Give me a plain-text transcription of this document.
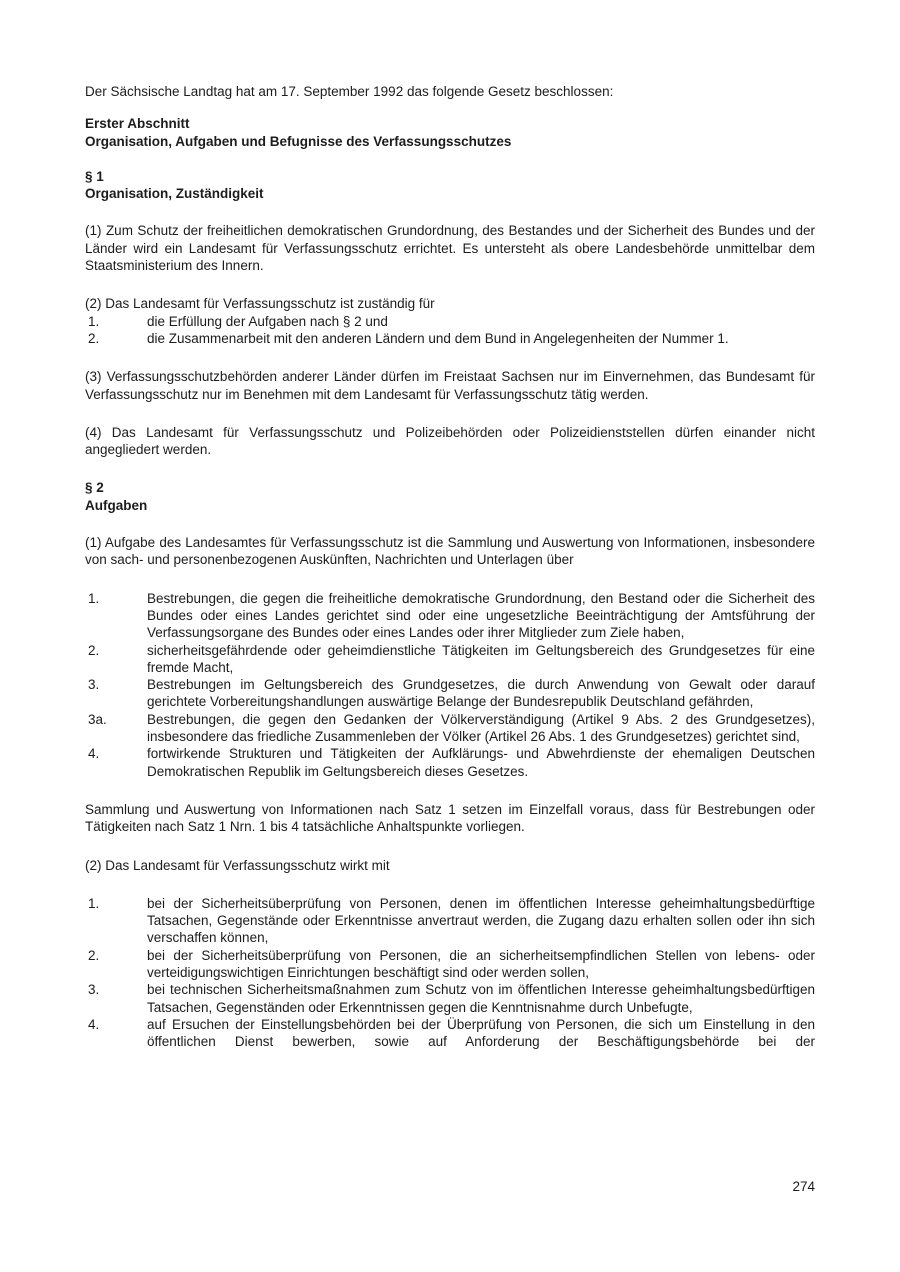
Der Sächsische Landtag hat am 17. September 1992 das folgende Gesetz beschlossen:

Erster Abschnitt
Organisation, Aufgaben und Befugnisse des Verfassungsschutzes
§ 1
Organisation, Zuständigkeit

(1) Zum Schutz der freiheitlichen demokratischen Grundordnung, des Bestandes und der Sicherheit des Bundes und der Länder wird ein Landesamt für Verfassungsschutz errichtet. Es untersteht als obere Landesbehörde unmittelbar dem Staatsministerium des Innern.

(2) Das Landesamt für Verfassungsschutz ist zuständig für

1.	die Erfüllung der Aufgaben nach § 2 und
2.	die Zusammenarbeit mit den anderen Ländern und dem Bund in Angelegenheiten der Nummer 1.

(3) Verfassungsschutzbehörden anderer Länder dürfen im Freistaat Sachsen nur im Einvernehmen, das Bundesamt für Verfassungsschutz nur im Benehmen mit dem Landesamt für Verfassungsschutz tätig werden.

(4) Das Landesamt für Verfassungsschutz und Polizeibehörden oder Polizeidienststellen dürfen einander nicht angegliedert werden.

§ 2
Aufgaben

(1) Aufgabe des Landesamtes für Verfassungsschutz ist die Sammlung und Auswertung von Informationen, insbesondere von sach- und personenbezogenen Auskünften, Nachrichten und Unterlagen über

1.	Bestrebungen, die gegen die freiheitliche demokratische Grundordnung, den Bestand oder die Sicherheit des Bundes oder eines Landes gerichtet sind oder eine ungesetzliche Beeinträchtigung der Amtsführung der Verfassungsorgane des Bundes oder eines Landes oder ihrer Mitglieder zum Ziele haben,
2.	sicherheitsgefährdende oder geheimdienstliche Tätigkeiten im Geltungsbereich des Grundgesetzes für eine fremde Macht,
3.	Bestrebungen im Geltungsbereich des Grundgesetzes, die durch Anwendung von Gewalt oder darauf gerichtete Vorbereitungshandlungen auswärtige Belange der Bundesrepublik Deutschland gefährden,
3a.	Bestrebungen, die gegen den Gedanken der Völkerverständigung (Artikel 9 Abs. 2 des Grundgesetzes), insbesondere das friedliche Zusammenleben der Völker (Artikel 26 Abs. 1 des Grundgesetzes) gerichtet sind,
4.	fortwirkende Strukturen und Tätigkeiten der Aufklärungs- und Abwehrdienste der ehemaligen Deutschen Demokratischen Republik im Geltungsbereich dieses Gesetzes.

Sammlung und Auswertung von Informationen nach Satz 1 setzen im Einzelfall voraus, dass für Bestrebungen oder Tätigkeiten nach Satz 1 Nrn. 1 bis 4 tatsächliche Anhaltspunkte vorliegen.

(2) Das Landesamt für Verfassungsschutz wirkt mit

1.	bei der Sicherheitsüberprüfung von Personen, denen im öffentlichen Interesse geheimhaltungsbedürftige Tatsachen, Gegenstände oder Erkenntnisse anvertraut werden, die Zugang dazu erhalten sollen oder ihn sich verschaffen können,
2.	bei der Sicherheitsüberprüfung von Personen, die an sicherheitsempfindlichen Stellen von lebens- oder verteidigungswichtigen Einrichtungen beschäftigt sind oder werden sollen,
3.	bei technischen Sicherheitsmaßnahmen zum Schutz von im öffentlichen Interesse geheimhaltungsbedürftigen Tatsachen, Gegenständen oder Erkenntnissen gegen die Kenntnisnahme durch Unbefugte,
4.	auf Ersuchen der Einstellungsbehörden bei der Überprüfung von Personen, die sich um Einstellung in den öffentlichen Dienst bewerben, sowie auf Anforderung der Beschäftigungsbehörde bei der
274
